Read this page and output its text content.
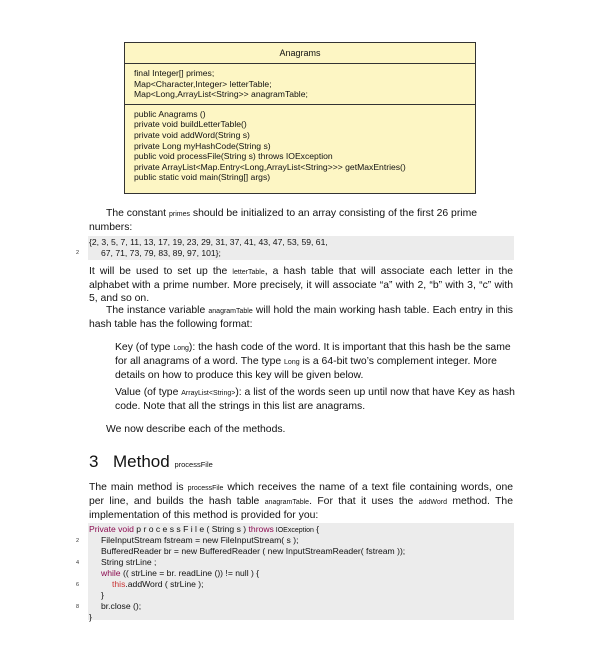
Anagrams
final Integer[] primes;
Map<Character,Integer> letterTable;
Map<Long,ArrayList<String>> anagramTable;
public Anagrams ()
private void buildLetterTable()
private void addWord(String s)
private Long myHashCode(String s)
public void processFile(String s) throws IOException
private ArrayList<Map.Entry<Long,ArrayList<String>>> getMaxEntries()
public static void main(String[] args)
The constant primes should be initialized to an array consisting of the first 26 prime numbers:
{2, 3, 5, 7, 11, 13, 17, 19, 23, 29, 31, 37, 41, 43, 47, 53, 59, 61,
2	67, 71, 73, 79, 83, 89, 97, 101};
It will be used to set up the letterTable, a hash table that will associate each letter in the alphabet with a prime number. More precisely, it will associate “a” with 2, “b” with 3, “c” with 5, and so on.
The instance variable anagramTable will hold the main working hash table. Each entry in this hash table has the following format:
Key (of type Long): the hash code of the word. It is important that this hash be the same for all anagrams of a word. The type Long is a 64-bit two’s complement integer. More details on how to produce this key will be given below.
Value (of type ArrayList<String>): a list of the words seen up until now that have Key as hash code. Note that all the strings in this list are anagrams.
We now describe each of the methods.
3 Method processFile
The main method is processFile which receives the name of a text file containing words, one per line, and builds the hash table anagramTable. For that it uses the addWord method. The implementation of this method is provided for you:
Private void p r o c e s s F i l e ( String s ) throws IOException {
2	FileInputStream fstream = new FileInputStream( s );
BufferedReader br = new BufferedReader ( new InputStreamReader( fstream ));
4	String strLine ;
while (( strLine = br. readLine ()) != null ) {
6	this.addWord ( strLine );
}
8	br.close ();
}
